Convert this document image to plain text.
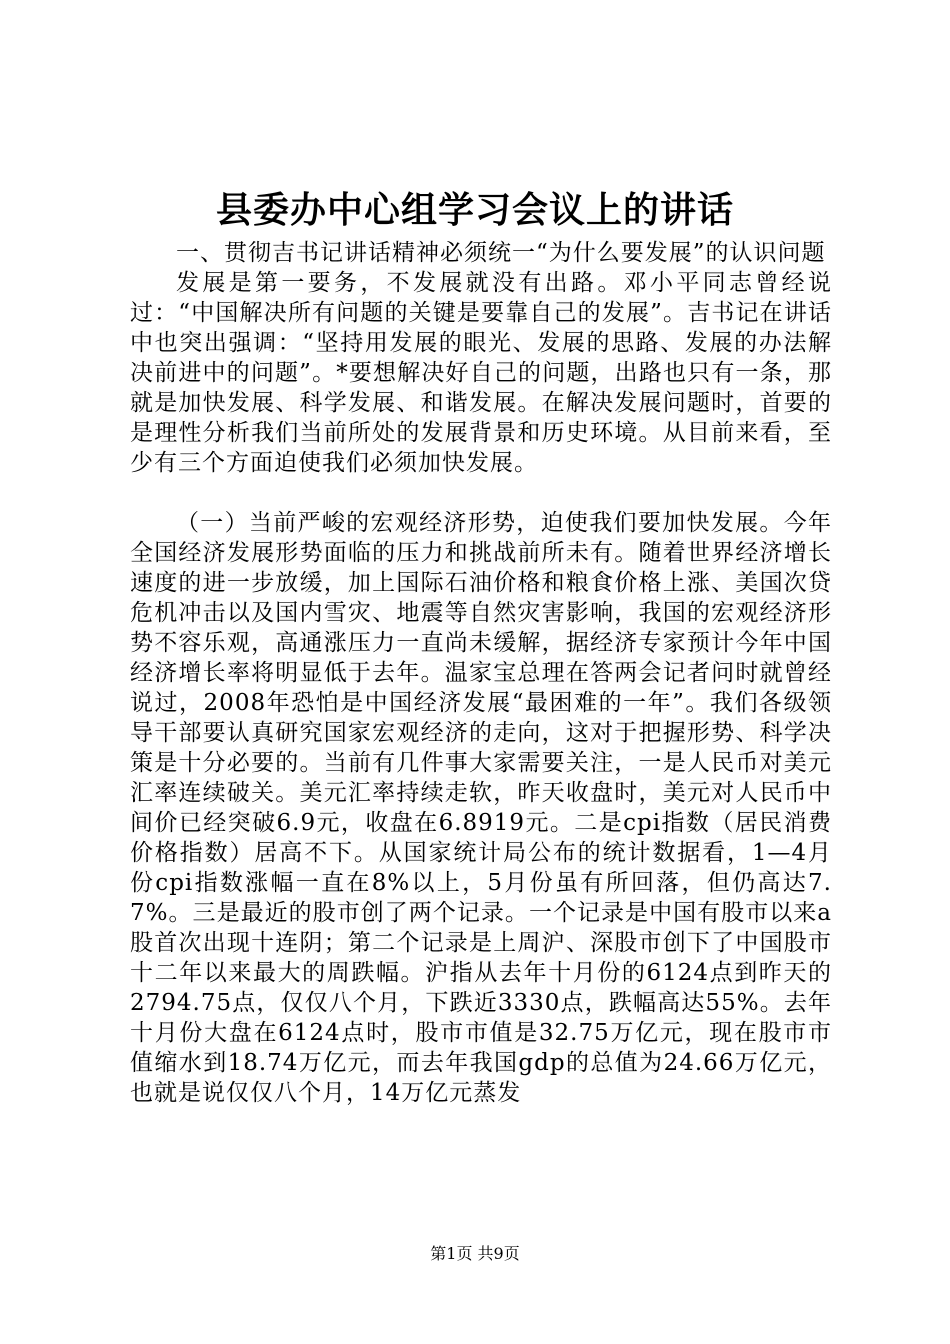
县委办中心组学习会议上的讲话

一、贯彻吉书记讲话精神必须统一“为什么要发展”的认识问题

发展是第一要务，不发展就没有出路。邓小平同志曾经说过：“中国解决所有问题的关键是要靠自己的发展”。吉书记在讲话中也突出强调：“坚持用发展的眼光、发展的思路、发展的办法解决前进中的问题”。*要想解决好自己的问题，出路也只有一条，那就是加快发展、科学发展、和谐发展。在解决发展问题时，首要的是理性分析我们当前所处的发展背景和历史环境。从目前来看，至少有三个方面迫使我们必须加快发展。

（一）当前严峻的宏观经济形势，迫使我们要加快发展。今年全国经济发展形势面临的压力和挑战前所未有。随着世界经济增长速度的进一步放缓，加上国际石油价格和粮食价格上涨、美国次贷危机冲击以及国内雪灾、地震等自然灾害影响，我国的宏观经济形势不容乐观，高通涨压力一直尚未缓解，据经济专家预计今年中国经济增长率将明显低于去年。温家宝总理在答两会记者问时就曾经说过，2008年恐怕是中国经济发展“最困难的一年”。我们各级领导干部要认真研究国家宏观经济的走向，这对于把握形势、科学决策是十分必要的。当前有几件事大家需要关注，一是人民币对美元汇率连续破关。美元汇率持续走软，昨天收盘时，美元对人民币中间价已经突破6.9元，收盘在6.8919元。二是cpi指数（居民消费价格指数）居高不下。从国家统计局公布的统计数据看，1—4月份cpi指数涨幅一直在8%以上，5月份虽有所回落，但仍高达7.7%。三是最近的股市创了两个记录。一个记录是中国有股市以来a股首次出现十连阴；第二个记录是上周沪、深股市创下了中国股市十二年以来最大的周跌幅。沪指从去年十月份的6124点到昨天的2794.75点，仅仅八个月，下跌近3330点，跌幅高达55%。去年十月份大盘在6124点时，股市市值是32.75万亿元，现在股市市值缩水到18.74万亿元，而去年我国gdp的总值为24.66万亿元，也就是说仅仅八个月，14万亿元蒸发

第1页 共9页
